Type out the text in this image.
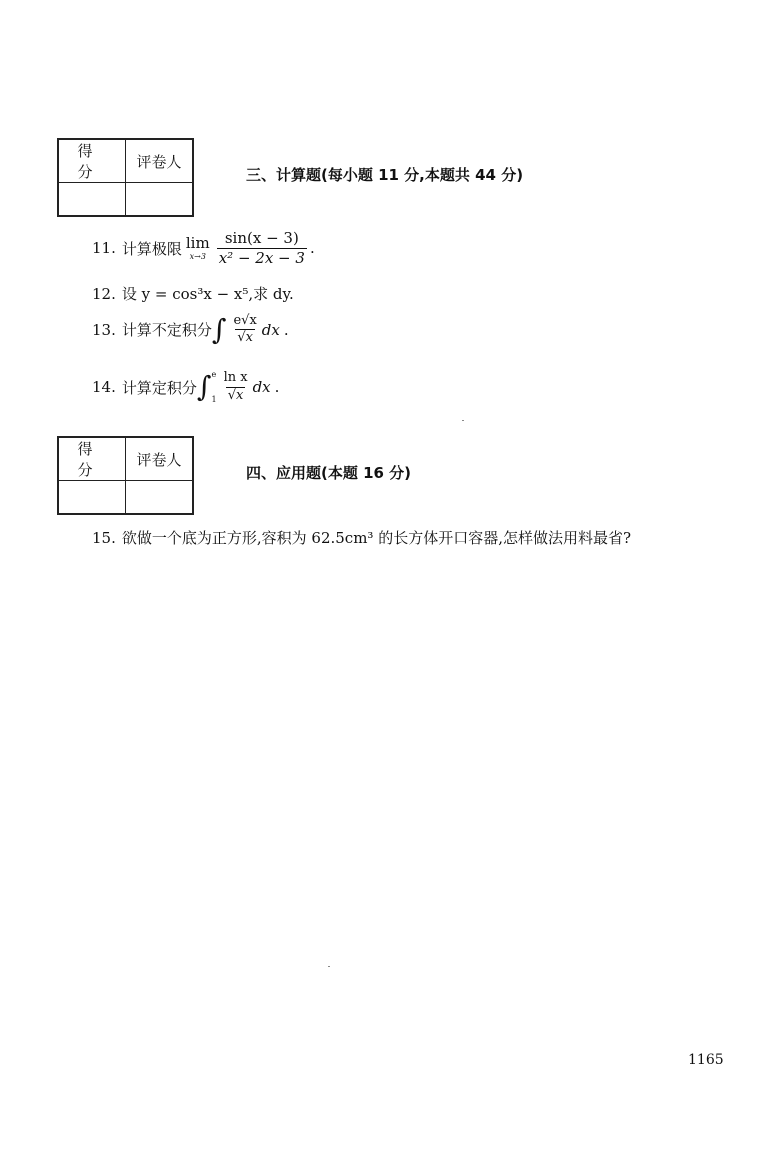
得　分	评卷人

三、计算题(每小题 11 分,本题共 44 分)
11. 计算极限 lim
$x\to 3 \frac{\sin(x - 3)}{\text{x² − 2x − 3}}$ .
12. 设 y = cos³x − x⁵,求 dy.
13. 计算不定积分 ∫ $\frac{e√x}{√x}$ dx .
14. 计算定积分 ∫ e
$1 \frac{\text{ln x}}{√x}$ dx .
得　分	评卷人

四、应用题(本题 16 分)
15. 欲做一个底为正方形,容积为 62.5cm³ 的长方体开口容器,怎样做法用料最省?
1165
